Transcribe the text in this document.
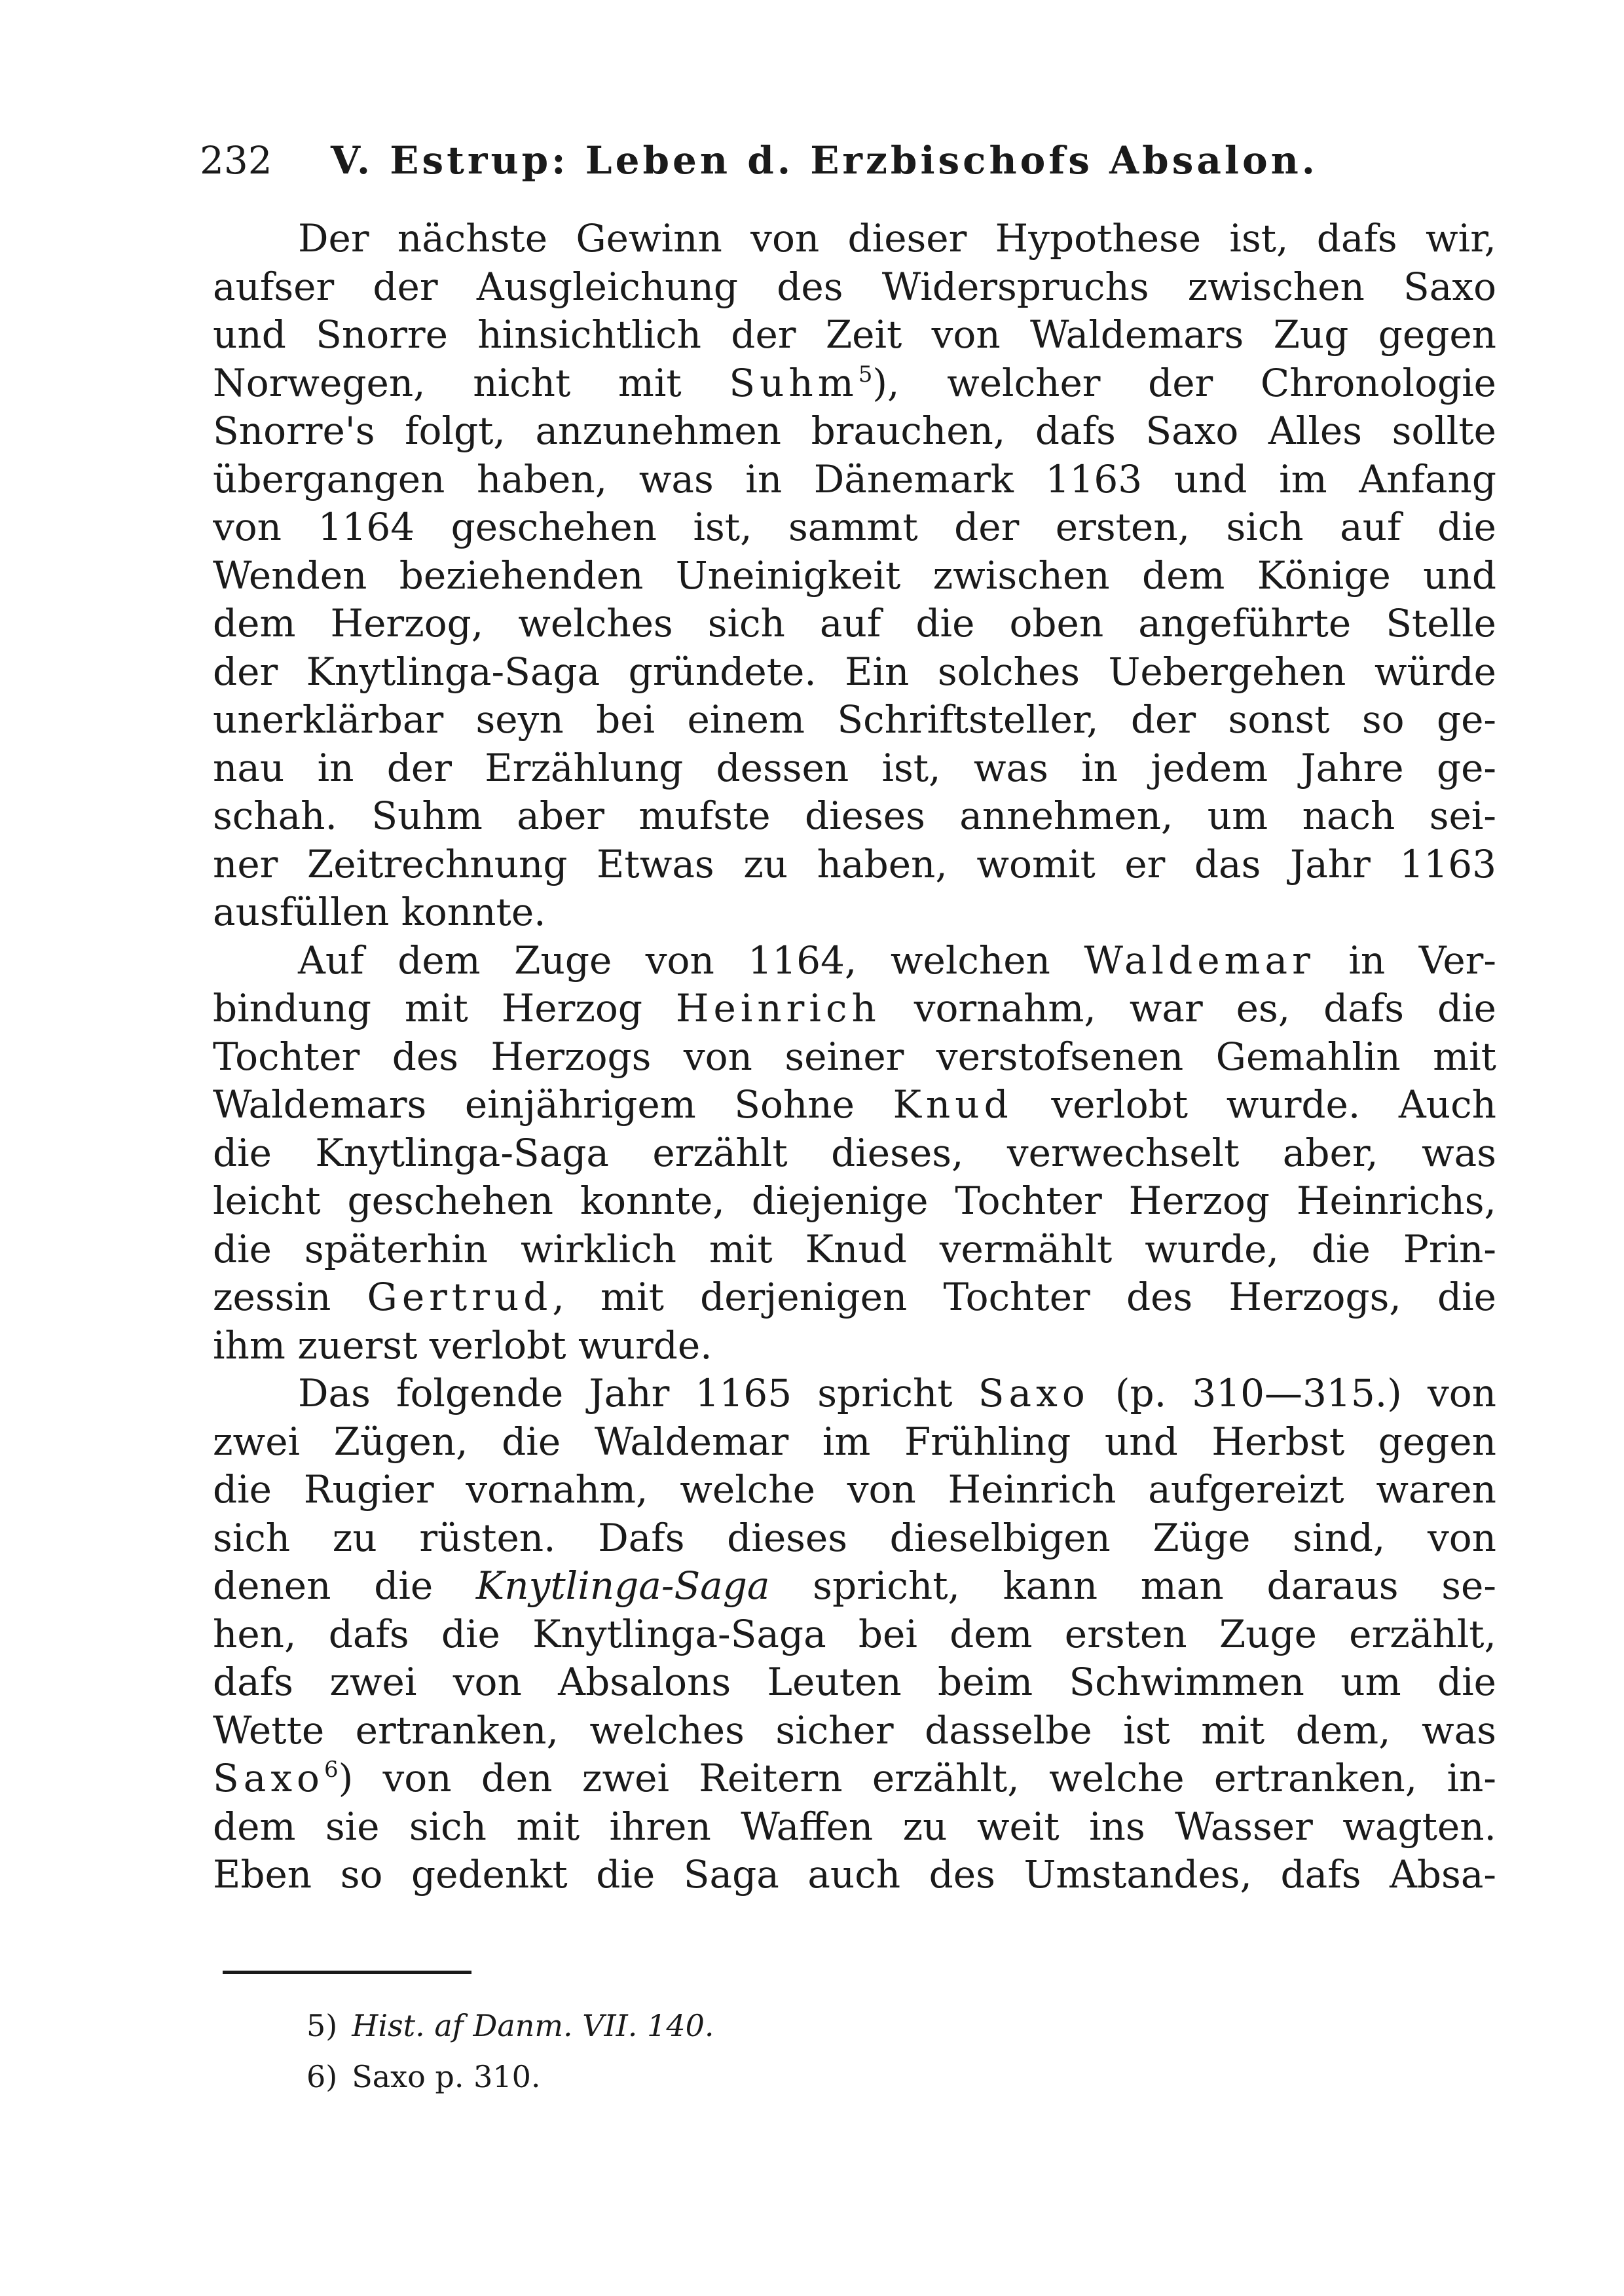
232 V. Estrup: Leben d. Erzbischofs Absalon.
Der nächste Gewinn von dieser Hypothese ist, dafs wir,
aufser der Ausgleichung des Widerspruchs zwischen Saxo
und Snorre hinsichtlich der Zeit von Waldemars Zug gegen
Norwegen, nicht mit Suhm$^5$), welcher der Chronologie
Snorre's folgt, anzunehmen brauchen, dafs Saxo Alles sollte
übergangen haben, was in Dänemark 1163 und im Anfang
von 1164 geschehen ist, sammt der ersten, sich auf die
Wenden beziehenden Uneinigkeit zwischen dem Könige und
dem Herzog, welches sich auf die oben angeführte Stelle
der Knytlinga-Saga gründete. Ein solches Uebergehen würde
unerklärbar seyn bei einem Schriftsteller, der sonst so ge-
nau in der Erzählung dessen ist, was in jedem Jahre ge-
schah. Suhm aber mufste dieses annehmen, um nach sei-
ner Zeitrechnung Etwas zu haben, womit er das Jahr 1163
ausfüllen konnte.
Auf dem Zuge von 1164, welchen Waldemar in Ver-
bindung mit Herzog Heinrich vornahm, war es, dafs die
Tochter des Herzogs von seiner verstofsenen Gemahlin mit
Waldemars einjährigem Sohne Knud verlobt wurde. Auch
die Knytlinga-Saga erzählt dieses, verwechselt aber, was
leicht geschehen konnte, diejenige Tochter Herzog Heinrichs,
die späterhin wirklich mit Knud vermählt wurde, die Prin-
zessin Gertrud, mit derjenigen Tochter des Herzogs, die
ihm zuerst verlobt wurde.
Das folgende Jahr 1165 spricht Saxo (p. 310—315.) von
zwei Zügen, die Waldemar im Frühling und Herbst gegen
die Rugier vornahm, welche von Heinrich aufgereizt waren
sich zu rüsten. Dafs dieses dieselbigen Züge sind, von
denen die Knytlinga-Saga spricht, kann man daraus se-
hen, dafs die Knytlinga-Saga bei dem ersten Zuge erzählt,
dafs zwei von Absalons Leuten beim Schwimmen um die
Wette ertranken, welches sicher dasselbe ist mit dem, was
Saxo$^6$) von den zwei Reitern erzählt, welche ertranken, in-
dem sie sich mit ihren Waffen zu weit ins Wasser wagten.
Eben so gedenkt die Saga auch des Umstandes, dafs Absa-
5) Hist. af Danm. VII. 140.
6) Saxo p. 310.
